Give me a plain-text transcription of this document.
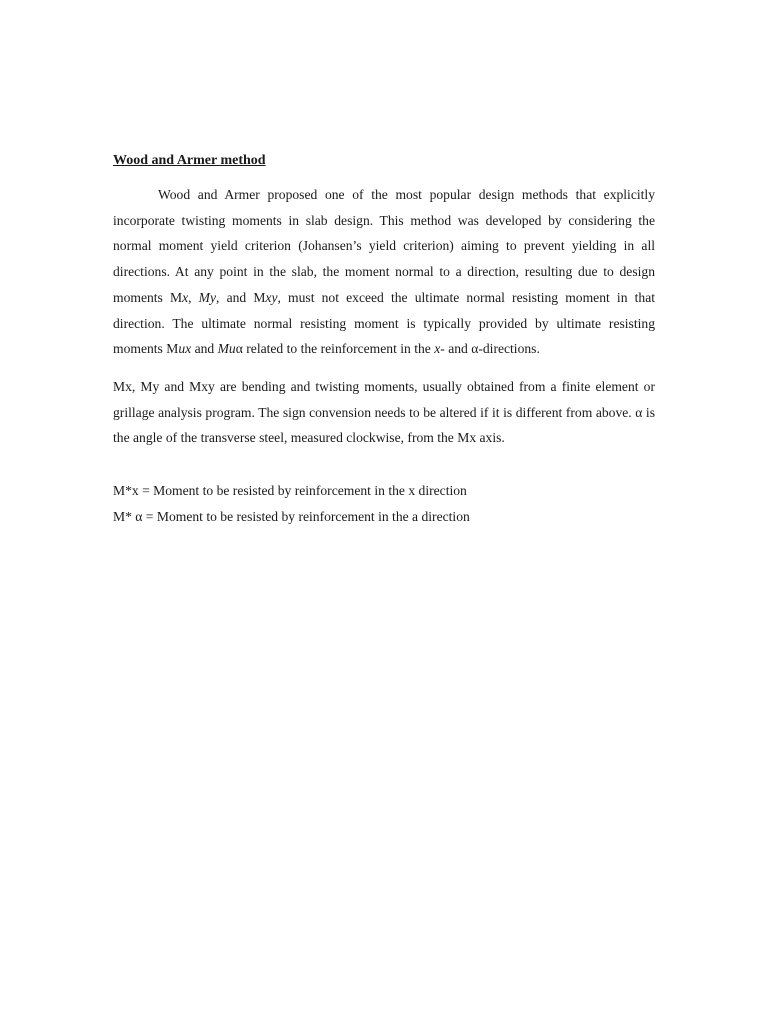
Wood and Armer method

Wood and Armer proposed one of the most popular design methods that explicitly incorporate twisting moments in slab design. This method was developed by considering the normal moment yield criterion (Johansen’s yield criterion) aiming to prevent yielding in all directions. At any point in the slab, the moment normal to a direction, resulting due to design moments Mx, My, and Mxy, must not exceed the ultimate normal resisting moment in that direction. The ultimate normal resisting moment is typically provided by ultimate resisting moments Mux and Muα related to the reinforcement in the x- and α-directions.

Mx, My and Mxy are bending and twisting moments, usually obtained from a finite element or grillage analysis program. The sign convension needs to be altered if it is different from above. α is the angle of the transverse steel, measured clockwise, from the Mx axis.

M*x = Moment to be resisted by reinforcement in the x direction
M* α = Moment to be resisted by reinforcement in the a direction
